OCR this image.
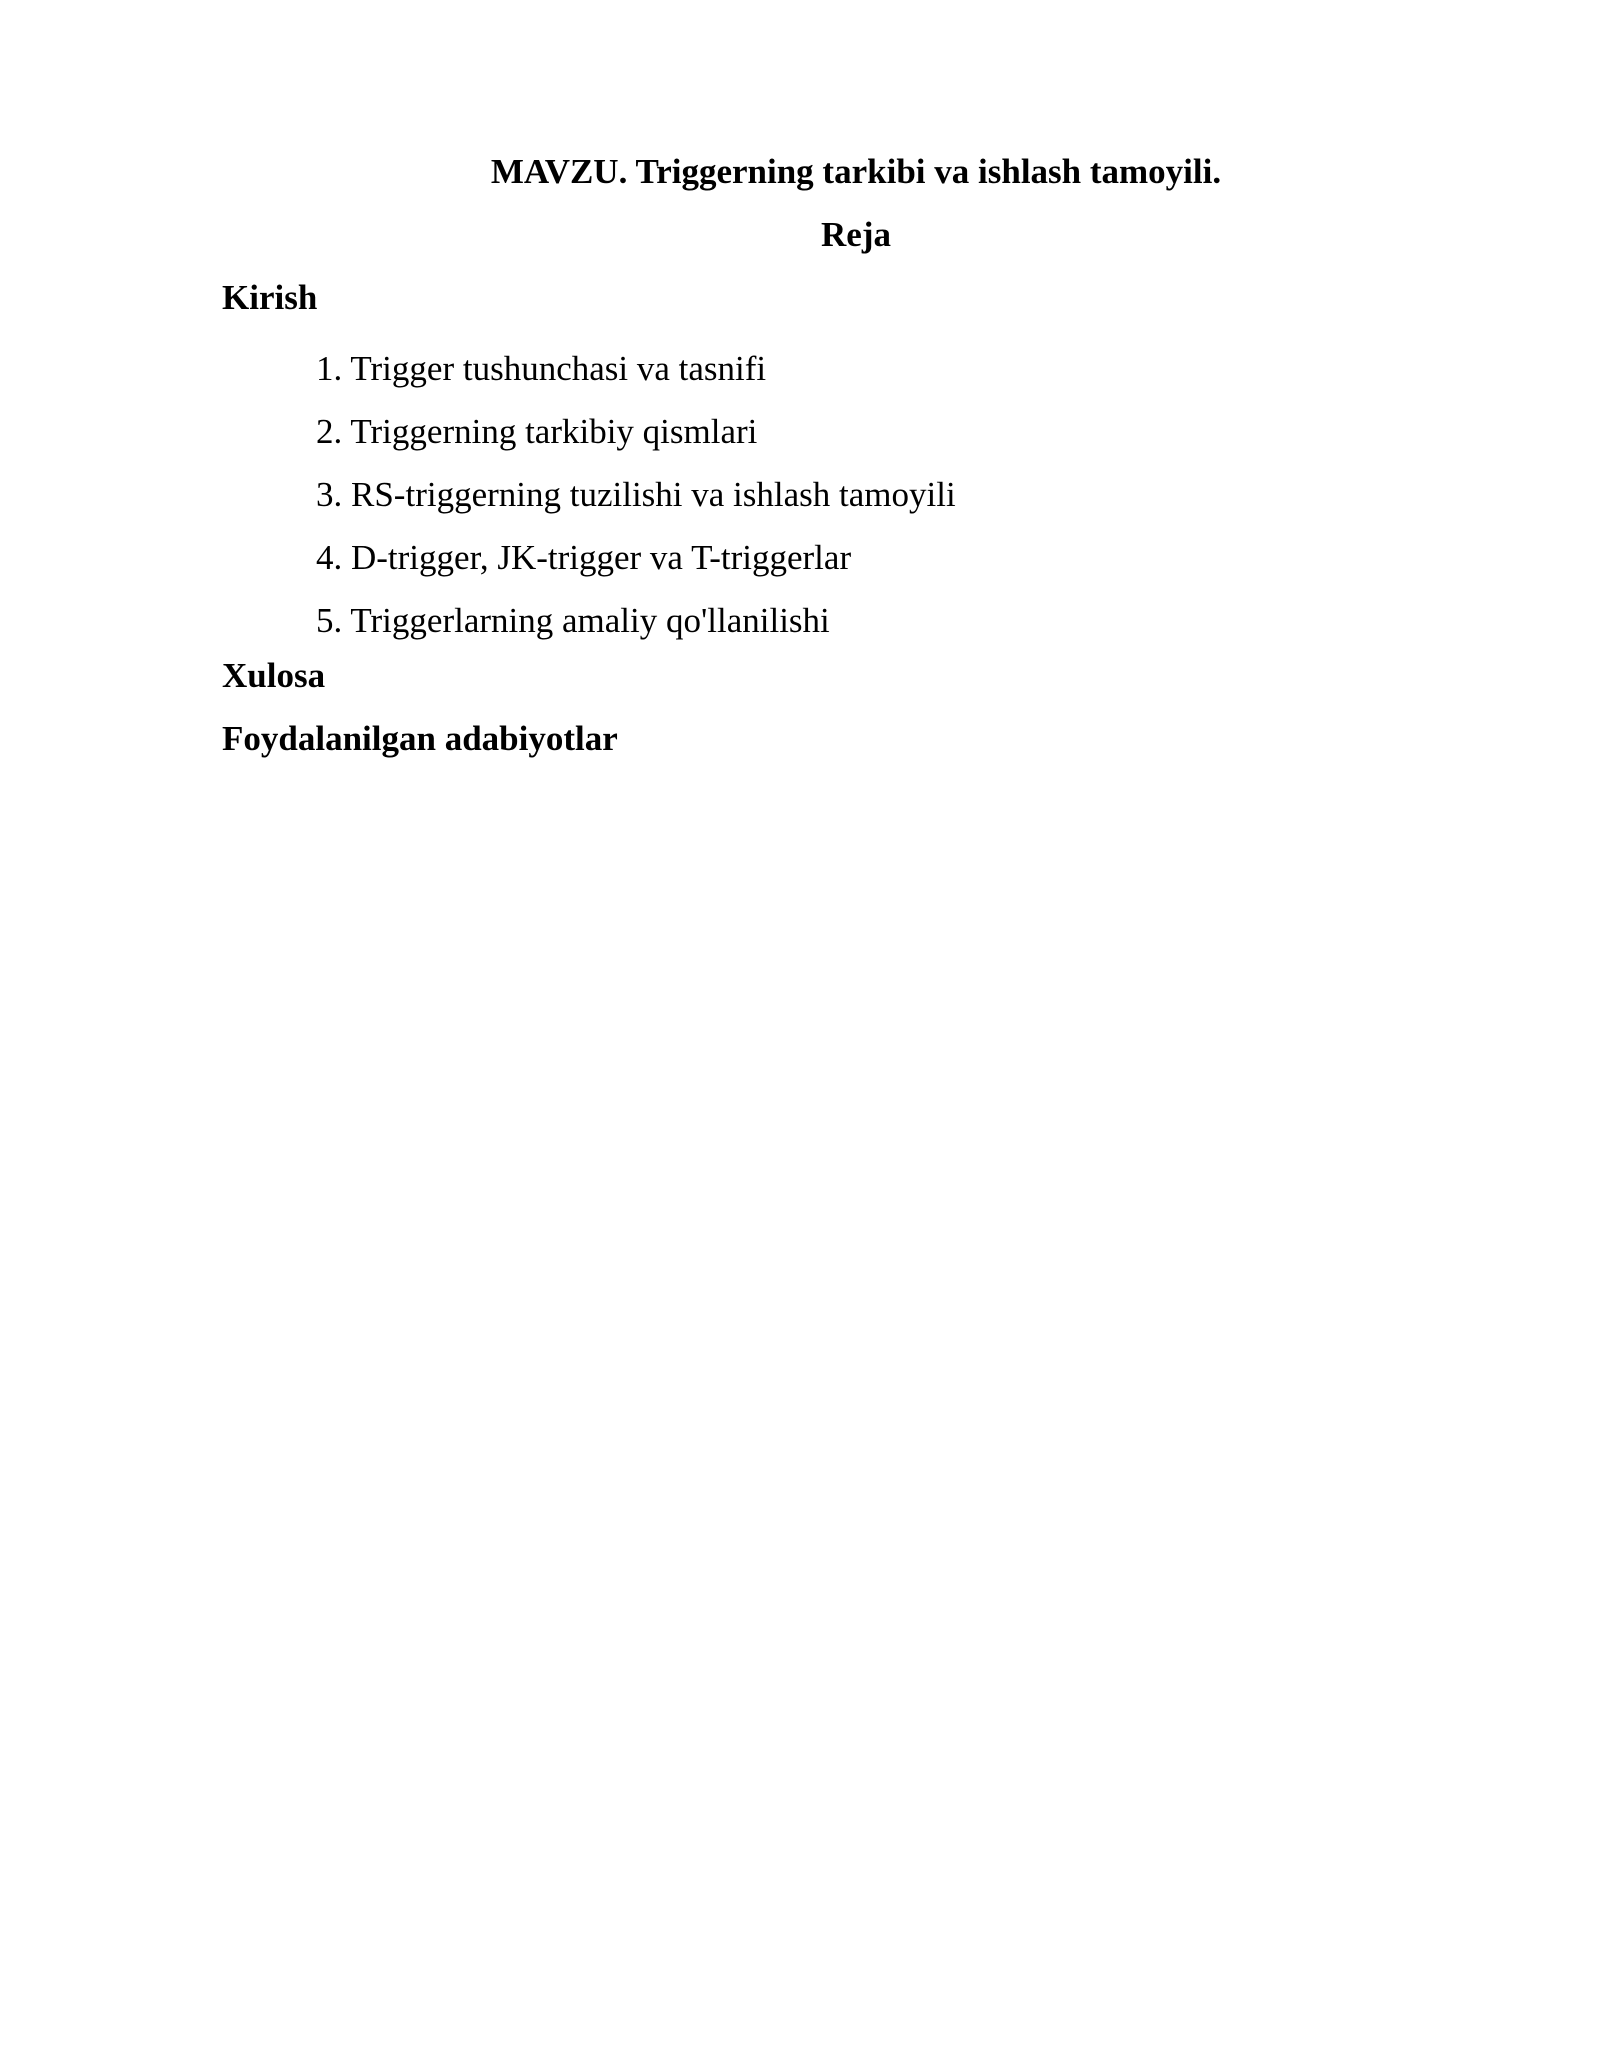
MAVZU. Triggerning tarkibi va ishlash tamoyili.
Reja
Kirish
1. Trigger tushunchasi va tasnifi
2. Triggerning tarkibiy qismlari
3. RS-triggerning tuzilishi va ishlash tamoyili
4. D-trigger, JK-trigger va T-triggerlar
5. Triggerlarning amaliy qo'llanilishi
Xulosa
Foydalanilgan adabiyotlar
